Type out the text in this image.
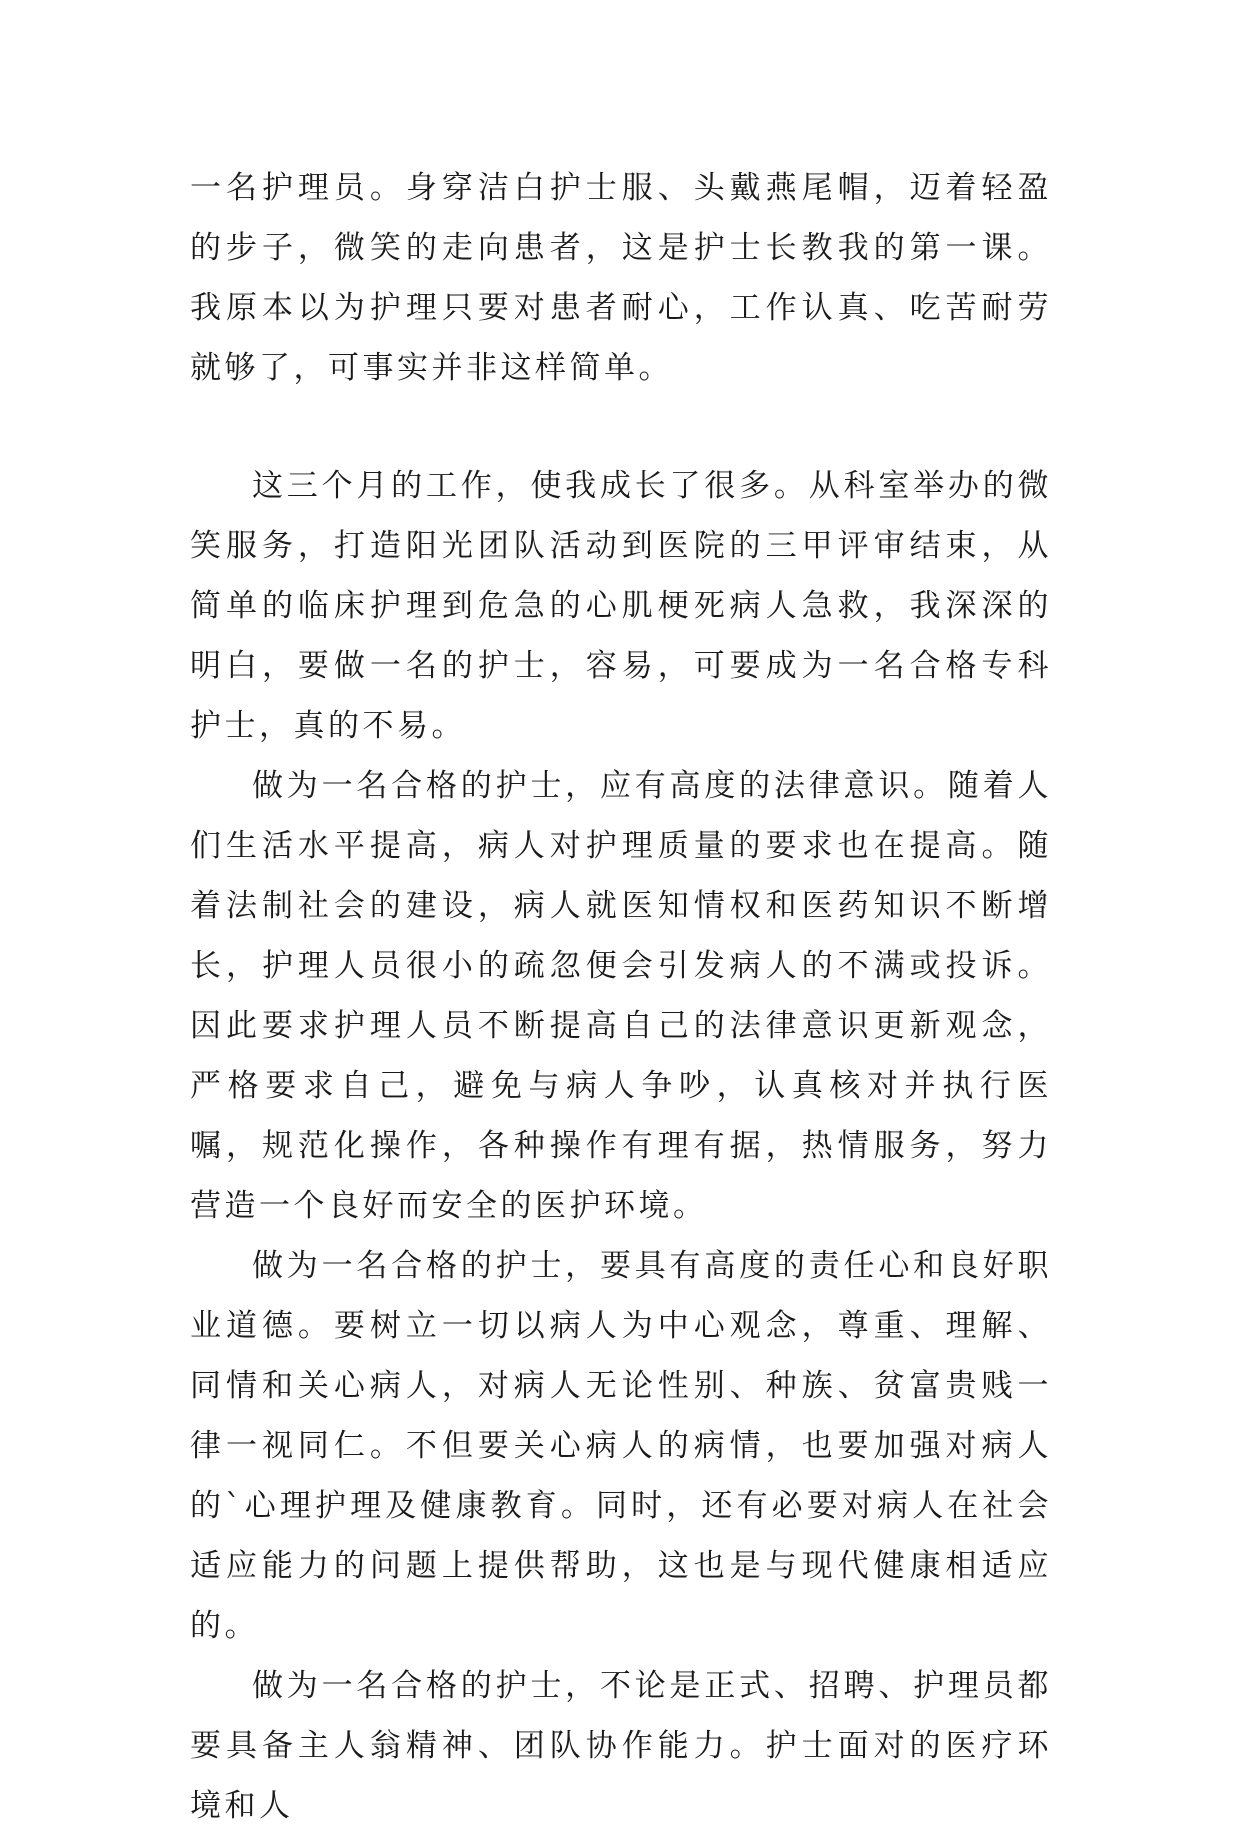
一名护理员。身穿洁白护士服、头戴燕尾帽，迈着轻盈的步子，微笑的走向患者，这是护士长教我的第一课。我原本以为护理只要对患者耐心，工作认真、吃苦耐劳就够了，可事实并非这样简单。

这三个月的工作，使我成长了很多。从科室举办的微笑服务，打造阳光团队活动到医院的三甲评审结束，从简单的临床护理到危急的心肌梗死病人急救，我深深的明白，要做一名的护士，容易，可要成为一名合格专科护士，真的不易。

做为一名合格的护士，应有高度的法律意识。随着人们生活水平提高，病人对护理质量的要求也在提高。随着法制社会的建设，病人就医知情权和医药知识不断增长，护理人员很小的疏忽便会引发病人的不满或投诉。因此要求护理人员不断提高自己的法律意识更新观念，严格要求自己，避免与病人争吵，认真核对并执行医嘱，规范化操作，各种操作有理有据，热情服务，努力营造一个良好而安全的医护环境。

做为一名合格的护士，要具有高度的责任心和良好职业道德。要树立一切以病人为中心观念，尊重、理解、同情和关心病人，对病人无论性别、种族、贫富贵贱一律一视同仁。不但要关心病人的病情，也要加强对病人的`心理护理及健康教育。同时，还有必要对病人在社会适应能力的问题上提供帮助，这也是与现代健康相适应的。

做为一名合格的护士，不论是正式、招聘、护理员都要具备主人翁精神、团队协作能力。护士面对的医疗环境和人
